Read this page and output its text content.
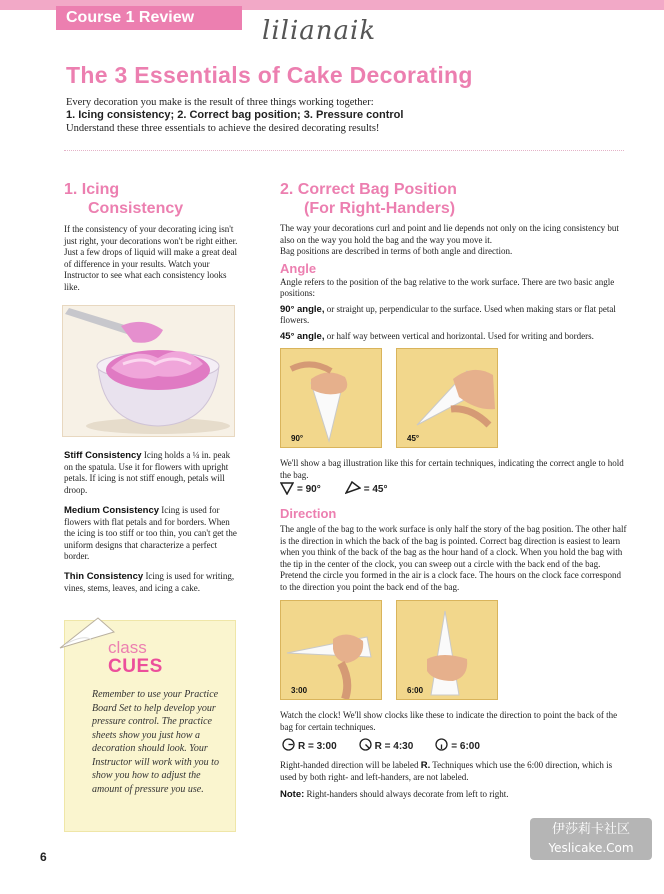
Course 1 Review	lilianaik
The 3 Essentials of Cake Decorating
Every decoration you make is the result of three things working together:
1. Icing consistency; 2. Correct bag position; 3. Pressure control
Understand these three essentials to achieve the desired decorating results!
1. Icing
Consistency
If the consistency of your decorating icing isn't just right, your decorations won't be right either. Just a few drops of liquid will make a great deal of difference in your results. Watch your Instructor to see what each consistency looks like.
Stiff Consistency Icing holds a ¼ in. peak on the spatula. Use it for flowers with upright petals. If icing is not stiff enough, petals will droop.
Medium Consistency Icing is used for flowers with flat petals and for borders. When the icing is too stiff or too thin, you can't get the uniform designs that characterize a perfect border.
Thin Consistency Icing is used for writing, vines, stems, leaves, and icing a cake.
class
CUES
Remember to use your Practice Board Set to help develop your pressure control. The practice sheets show you just how a decoration should look. Your Instructor will work with you to show you how to adjust the amount of pressure you use.
2. Correct Bag Position
(For Right-Handers)
The way your decorations curl and point and lie depends not only on the icing consistency but also on the way you hold the bag and the way you move it.
Bag positions are described in terms of both angle and direction.
Angle
Angle refers to the position of the bag relative to the work surface. There are two basic angle positions:
90° angle, or straight up, perpendicular to the surface. Used when making stars or flat petal flowers.
45° angle, or half way between vertical and horizontal. Used for writing and borders.
90°	45°
We'll show a bag illustration like this for certain techniques, indicating the correct angle to hold the bag.
= 90°	= 45°
Direction
The angle of the bag to the work surface is only half the story of the bag position. The other half is the direction in which the back of the bag is pointed. Correct bag direction is easiest to learn when you think of the back of the bag as the hour hand of a clock. When you hold the bag with the tip in the center of the clock, you can sweep out a circle with the back end of the bag. Pretend the circle you formed in the air is a clock face. The hours on the clock face correspond to the direction you point the back end of the bag.
3:00	6:00
Watch the clock! We'll show clocks like these to indicate the direction to point the back of the bag for certain techniques.
R = 3:00	R = 4:30	= 6:00
Right-handed direction will be labeled R. Techniques which use the 6:00 direction, which is used by both right- and left-handers, are not labeled.
Note: Right-handers should always decorate from left to right.
6
伊莎莉卡社区
Yeslicake.Com
